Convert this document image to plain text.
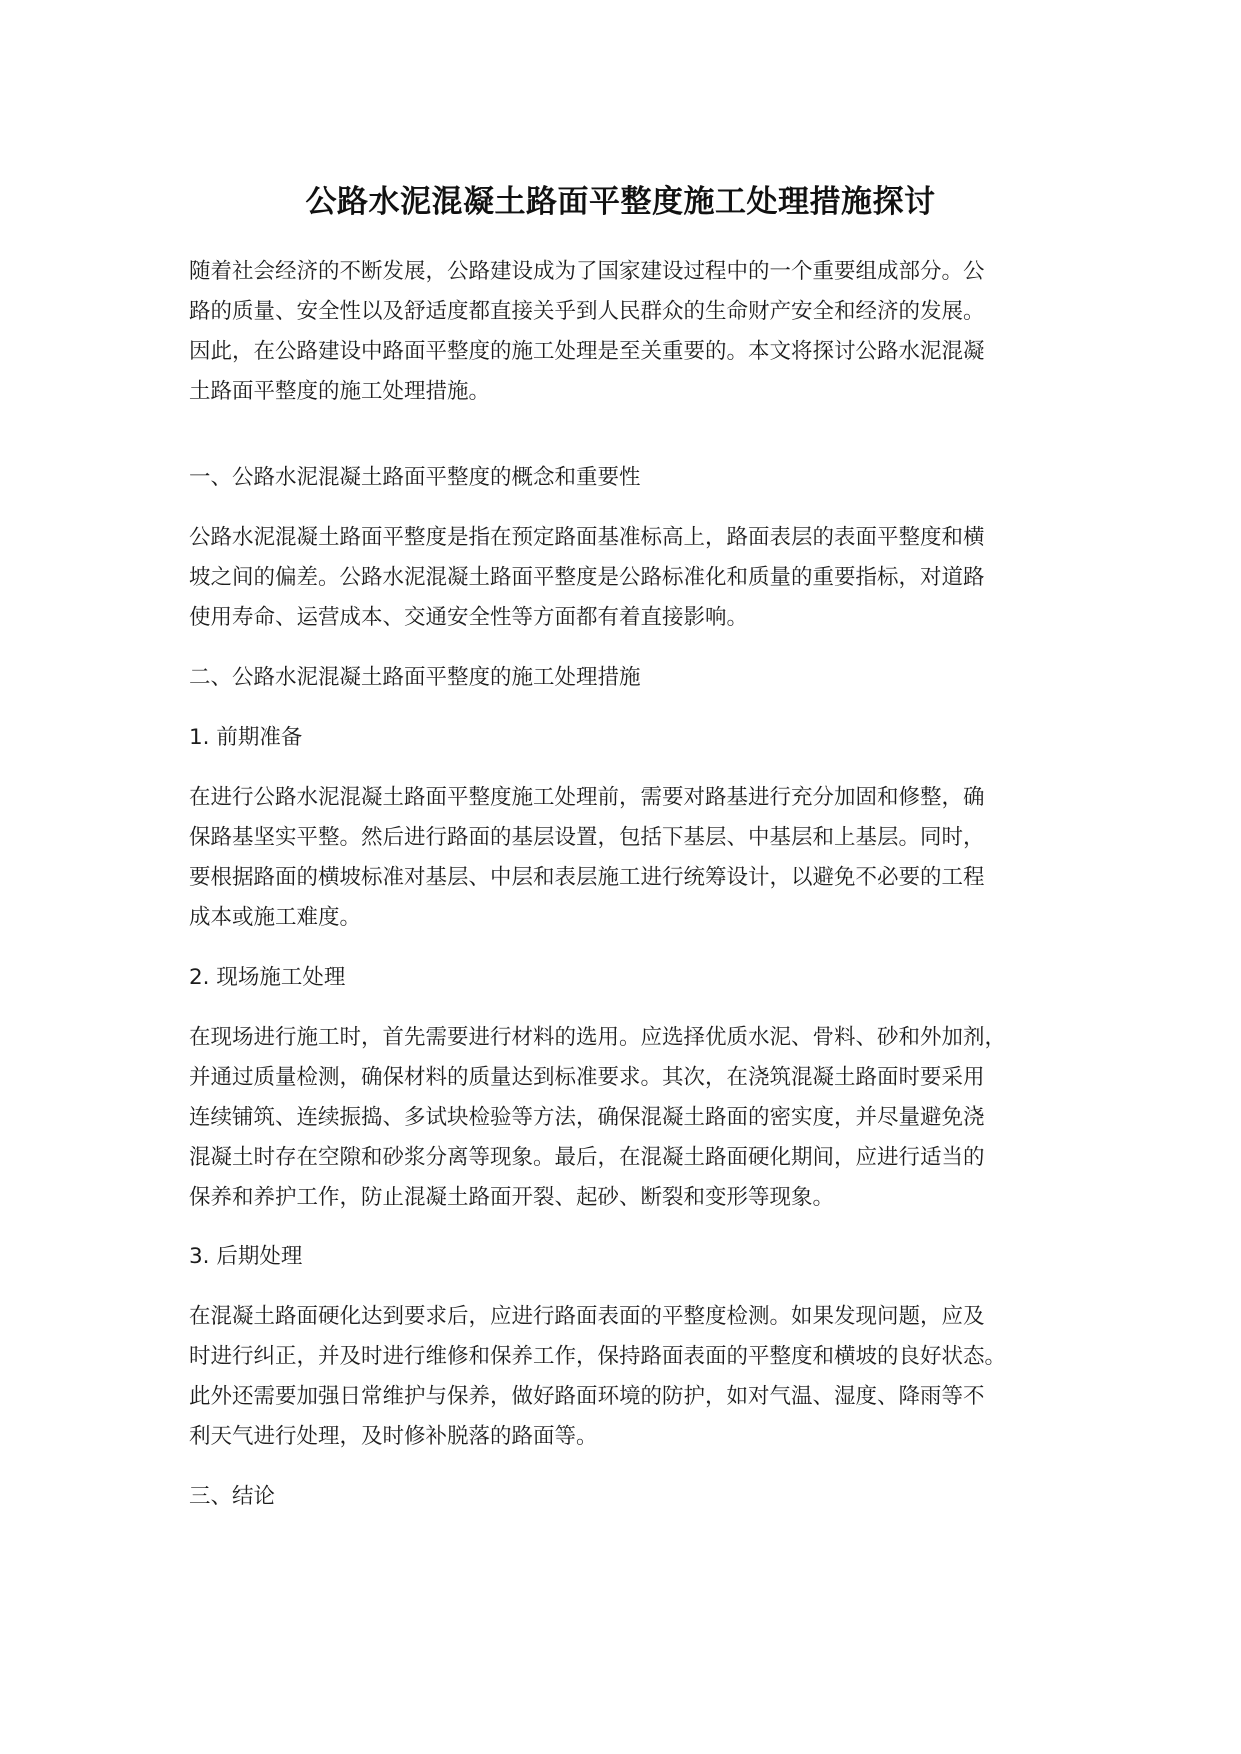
公路水泥混凝土路面平整度施工处理措施探讨

随着社会经济的不断发展，公路建设成为了国家建设过程中的一个重要组成部分。公
路的质量、安全性以及舒适度都直接关乎到人民群众的生命财产安全和经济的发展。
因此，在公路建设中路面平整度的施工处理是至关重要的。本文将探讨公路水泥混凝
土路面平整度的施工处理措施。

一、公路水泥混凝土路面平整度的概念和重要性

公路水泥混凝土路面平整度是指在预定路面基准标高上，路面表层的表面平整度和横
坡之间的偏差。公路水泥混凝土路面平整度是公路标准化和质量的重要指标，对道路
使用寿命、运营成本、交通安全性等方面都有着直接影响。

二、公路水泥混凝土路面平整度的施工处理措施

1. 前期准备

在进行公路水泥混凝土路面平整度施工处理前，需要对路基进行充分加固和修整，确
保路基坚实平整。然后进行路面的基层设置，包括下基层、中基层和上基层。同时，
要根据路面的横坡标准对基层、中层和表层施工进行统筹设计，以避免不必要的工程
成本或施工难度。

2. 现场施工处理

在现场进行施工时，首先需要进行材料的选用。应选择优质水泥、骨料、砂和外加剂，
并通过质量检测，确保材料的质量达到标准要求。其次，在浇筑混凝土路面时要采用
连续铺筑、连续振捣、多试块检验等方法，确保混凝土路面的密实度，并尽量避免浇
混凝土时存在空隙和砂浆分离等现象。最后，在混凝土路面硬化期间，应进行适当的
保养和养护工作，防止混凝土路面开裂、起砂、断裂和变形等现象。

3. 后期处理

在混凝土路面硬化达到要求后，应进行路面表面的平整度检测。如果发现问题，应及
时进行纠正，并及时进行维修和保养工作，保持路面表面的平整度和横坡的良好状态。
此外还需要加强日常维护与保养，做好路面环境的防护，如对气温、湿度、降雨等不
利天气进行处理，及时修补脱落的路面等。

三、结论
